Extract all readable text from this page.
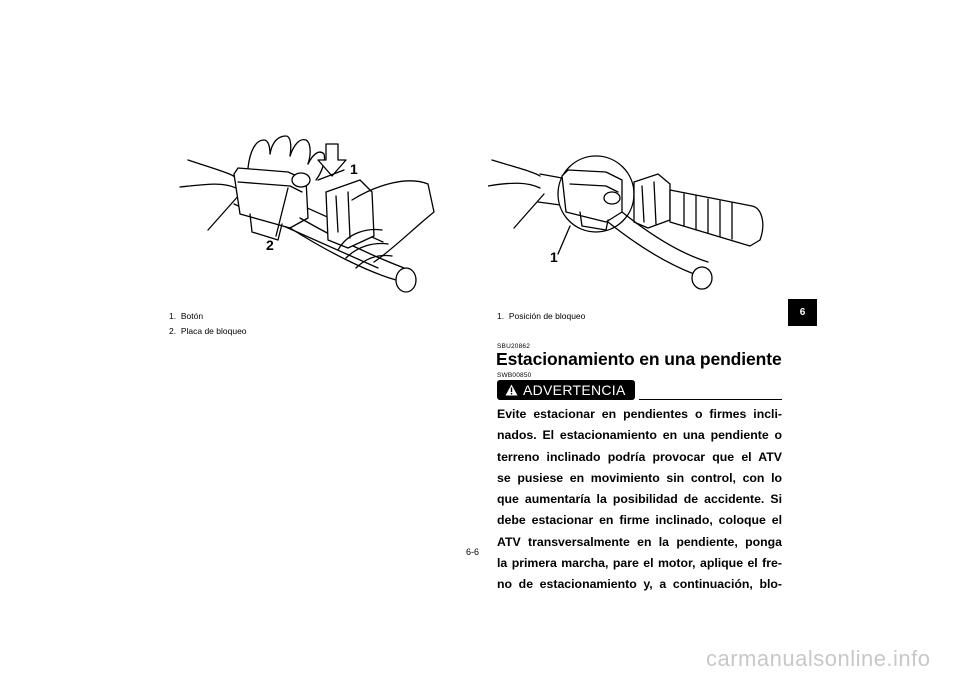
2
1
1
1. Botón
2. Placa de bloqueo
1. Posición de bloqueo
SBU20862
Estacionamiento en una pendiente
SWB00850
ADVERTENCIA
Evite estacionar en pendientes o firmes incli-
nados. El estacionamiento en una pendiente o
terreno inclinado podría provocar que el ATV
se pusiese en movimiento sin control, con lo
que aumentaría la posibilidad de accidente. Si
debe estacionar en firme inclinado, coloque el
ATV transversalmente en la pendiente, ponga
la primera marcha, pare el motor, aplique el fre-
no de estacionamiento y, a continuación, blo-
6-6
6
carmanualsonline.info
